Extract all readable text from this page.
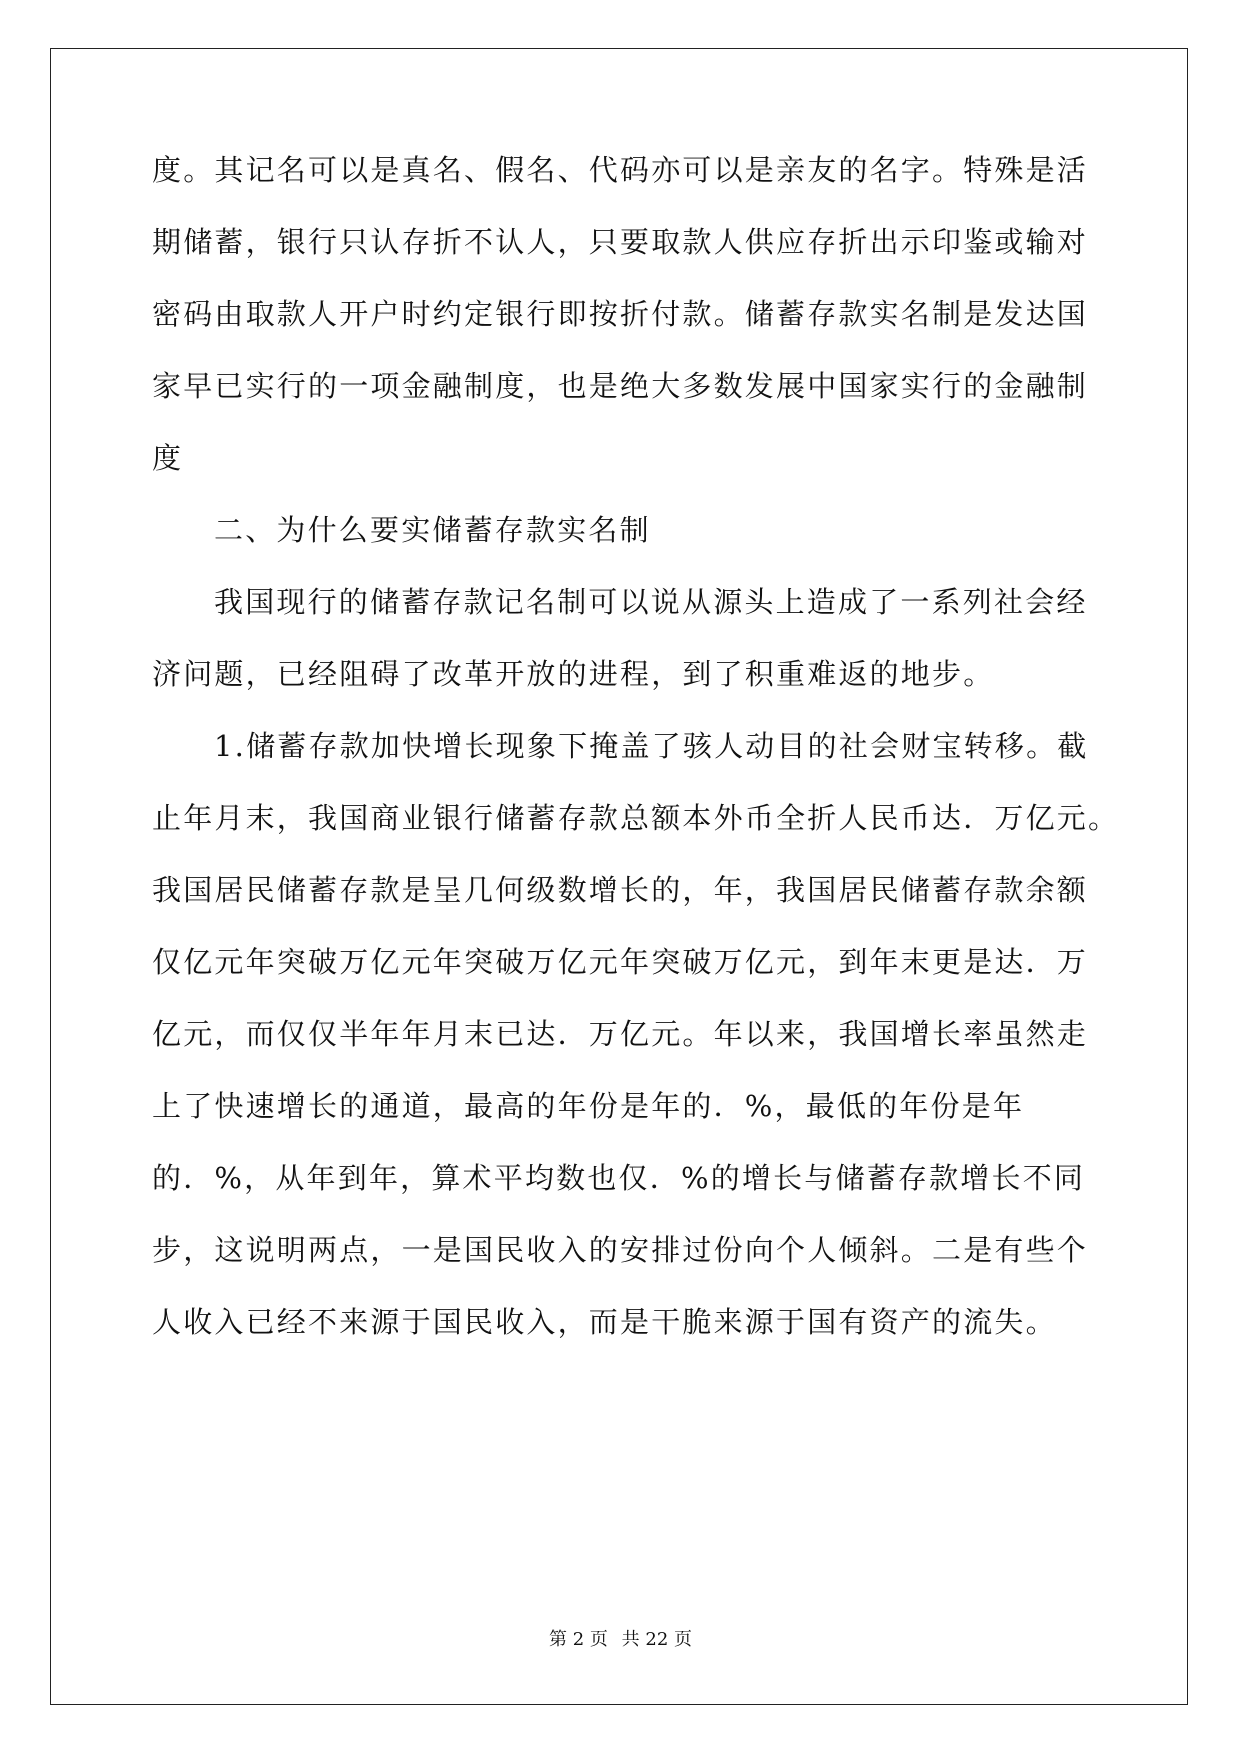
度。其记名可以是真名、假名、代码亦可以是亲友的名字。特殊是活
期储蓄，银行只认存折不认人，只要取款人供应存折出示印鉴或输对
密码由取款人开户时约定银行即按折付款。储蓄存款实名制是发达国
家早已实行的一项金融制度，也是绝大多数发展中国家实行的金融制
度
二、为什么要实储蓄存款实名制
我国现行的储蓄存款记名制可以说从源头上造成了一系列社会经
济问题，已经阻碍了改革开放的进程，到了积重难返的地步。
1.储蓄存款加快增长现象下掩盖了骇人动目的社会财宝转移。截
止年月末，我国商业银行储蓄存款总额本外币全折人民币达．万亿元。
我国居民储蓄存款是呈几何级数增长的，年，我国居民储蓄存款余额
仅亿元年突破万亿元年突破万亿元年突破万亿元，到年末更是达．万
亿元，而仅仅半年年月末已达．万亿元。年以来，我国增长率虽然走
上了快速增长的通道，最高的年份是年的．%，最低的年份是年
的．%，从年到年，算术平均数也仅．%的增长与储蓄存款增长不同
步，这说明两点，一是国民收入的安排过份向个人倾斜。二是有些个
人收入已经不来源于国民收入，而是干脆来源于国有资产的流失。
第 2 页 共 22 页
